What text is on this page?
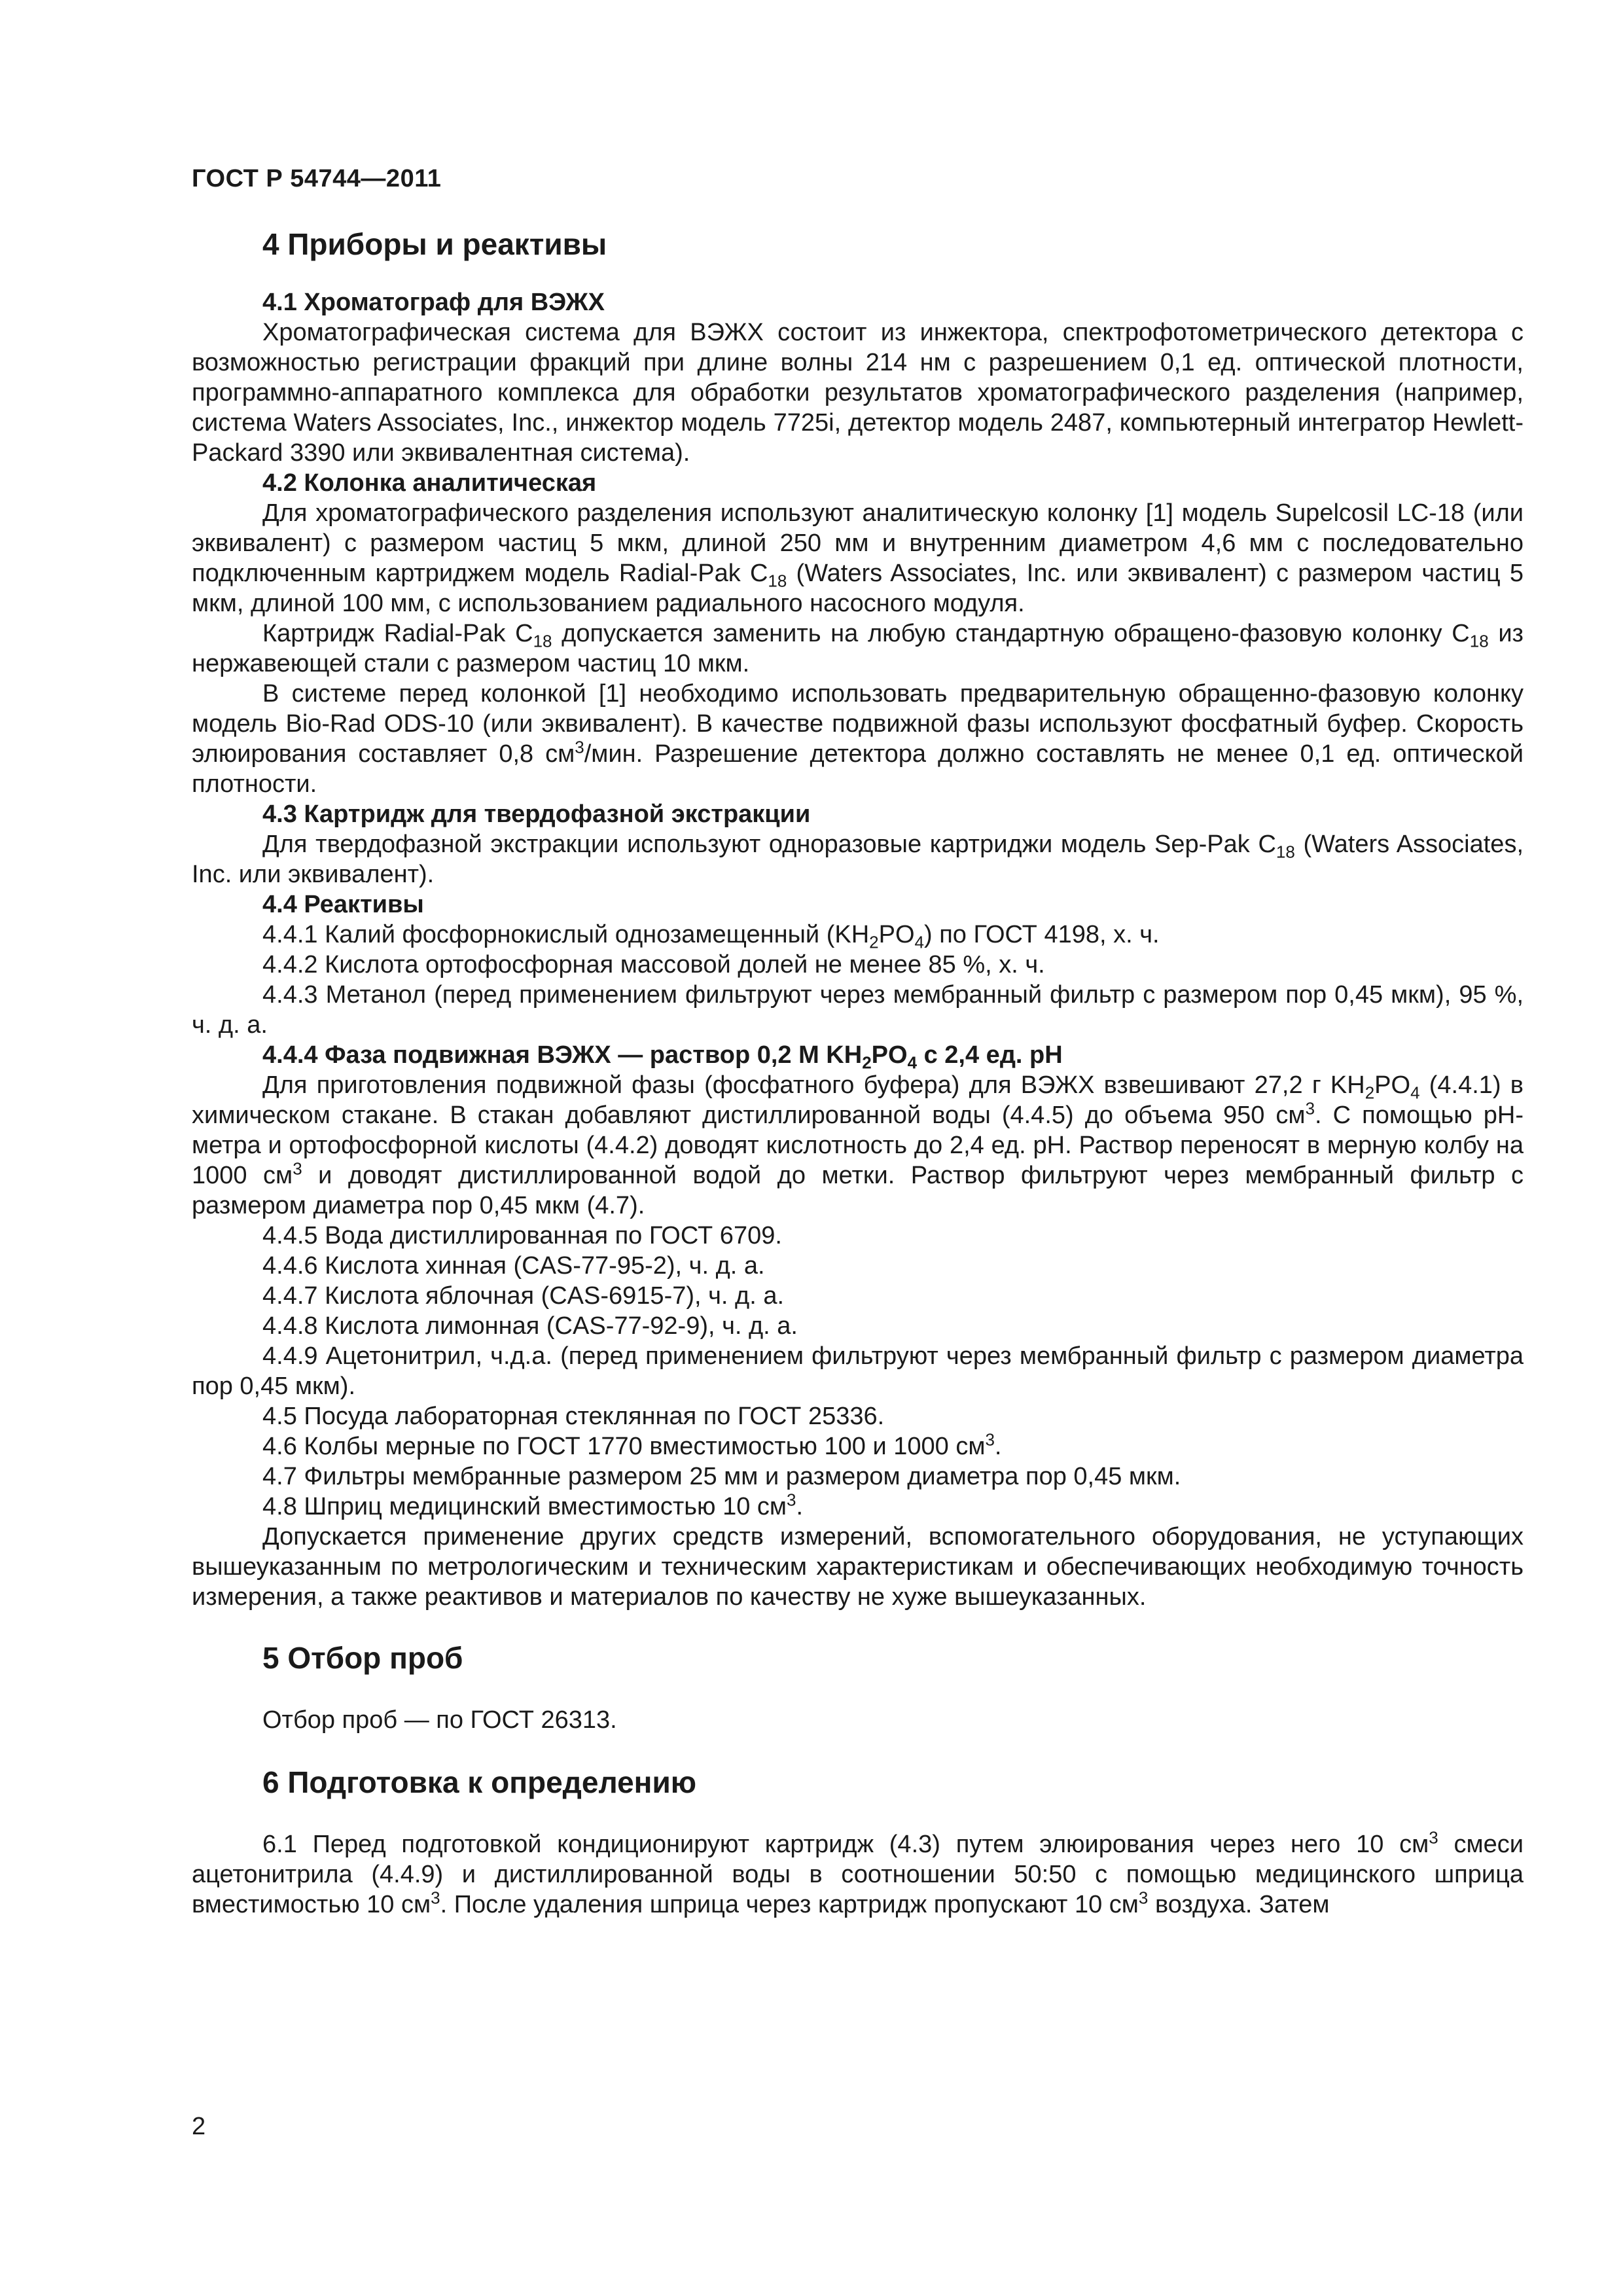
ГОСТ Р 54744—2011
4 Приборы и реактивы
4.1 Хроматограф для ВЭЖХ

Хроматографическая система для ВЭЖХ состоит из инжектора, спектрофотометрического детектора с возможностью регистрации фракций при длине волны 214 нм с разрешением 0,1 ед. оптической плотности, программно-аппаратного комплекса для обработки результатов хроматографического разделения (например, система Waters Associates, Inc., инжектор модель 7725i, детектор модель 2487, компьютерный интегратор Hewlett-Packard 3390 или эквивалентная система).

4.2 Колонка аналитическая

Для хроматографического разделения используют аналитическую колонку [1] модель Supelcosil LC-18 (или эквивалент) с размером частиц 5 мкм, длиной 250 мм и внутренним диаметром 4,6 мм с последовательно подключенным картриджем модель Radial-Pak $C_{18}$ (Waters Associates, Inc. или эквивалент) с размером частиц 5 мкм, длиной 100 мм, с использованием радиального насосного модуля.

Картридж Radial-Pak $C_{18}$ допускается заменить на любую стандартную обращено-фазовую колонку $C_{18}$ из нержавеющей стали с размером частиц 10 мкм.

В системе перед колонкой [1] необходимо использовать предварительную обращенно-фазовую колонку модель Bio-Rad ODS-10 (или эквивалент). В качестве подвижной фазы используют фосфатный буфер. Скорость элюирования составляет 0,8 $см^3$/мин. Разрешение детектора должно составлять не менее 0,1 ед. оптической плотности.

4.3 Картридж для твердофазной экстракции

Для твердофазной экстракции используют одноразовые картриджи модель Sep-Pak $C_{18}$ (Waters Associates, Inc. или эквивалент).

4.4 Реактивы
4.4.1 Калий фосфорнокислый однозамещенный $(KH_2PO_4)$ по ГОСТ 4198, х. ч.
4.4.2 Кислота ортофосфорная массовой долей не менее 85 %, х. ч.

4.4.3 Метанол (перед применением фильтруют через мембранный фильтр с размером пор 0,45 мкм), 95 %, ч. д. а.

4.4.4 Фаза подвижная ВЭЖХ — раствор 0,2 М $KH_2PO_4$ с 2,4 ед. pH

Для приготовления подвижной фазы (фосфатного буфера) для ВЭЖХ взвешивают 27,2 г $KH_2PO_4$ (4.4.1) в химическом стакане. В стакан добавляют дистиллированной воды (4.4.5) до объема 950 $см^3$. С помощью pH-метра и ортофосфорной кислоты (4.4.2) доводят кислотность до 2,4 ед. pH. Раствор переносят в мерную колбу на 1000 $см^3$ и доводят дистиллированной водой до метки. Раствор фильтруют через мембранный фильтр с размером диаметра пор 0,45 мкм (4.7).

4.4.5 Вода дистиллированная по ГОСТ 6709.
4.4.6 Кислота хинная (CAS-77-95-2), ч. д. а.
4.4.7 Кислота яблочная (CAS-6915-7), ч. д. а.
4.4.8 Кислота лимонная (CAS-77-92-9), ч. д. а.

4.4.9 Ацетонитрил, ч.д.а. (перед применением фильтруют через мембранный фильтр с размером диаметра пор 0,45 мкм).

4.5 Посуда лабораторная стеклянная по ГОСТ 25336.
4.6 Колбы мерные по ГОСТ 1770 вместимостью 100 и 1000 $см^3$.
4.7 Фильтры мембранные размером 25 мм и размером диаметра пор 0,45 мкм.
4.8 Шприц медицинский вместимостью 10 $см^3$.

Допускается применение других средств измерений, вспомогательного оборудования, не уступающих вышеуказанным по метрологическим и техническим характеристикам и обеспечивающих необходимую точность измерения, а также реактивов и материалов по качеству не хуже вышеуказанных.

5 Отбор проб
Отбор проб — по ГОСТ 26313.
6 Подготовка к определению

6.1 Перед подготовкой кондиционируют картридж (4.3) путем элюирования через него 10 $см^3$ смеси ацетонитрила (4.4.9) и дистиллированной воды в соотношении 50:50 с помощью медицинского шприца вместимостью 10 $см^3$. После удаления шприца через картридж пропускают 10 $см^3$ воздуха. Затем

2
